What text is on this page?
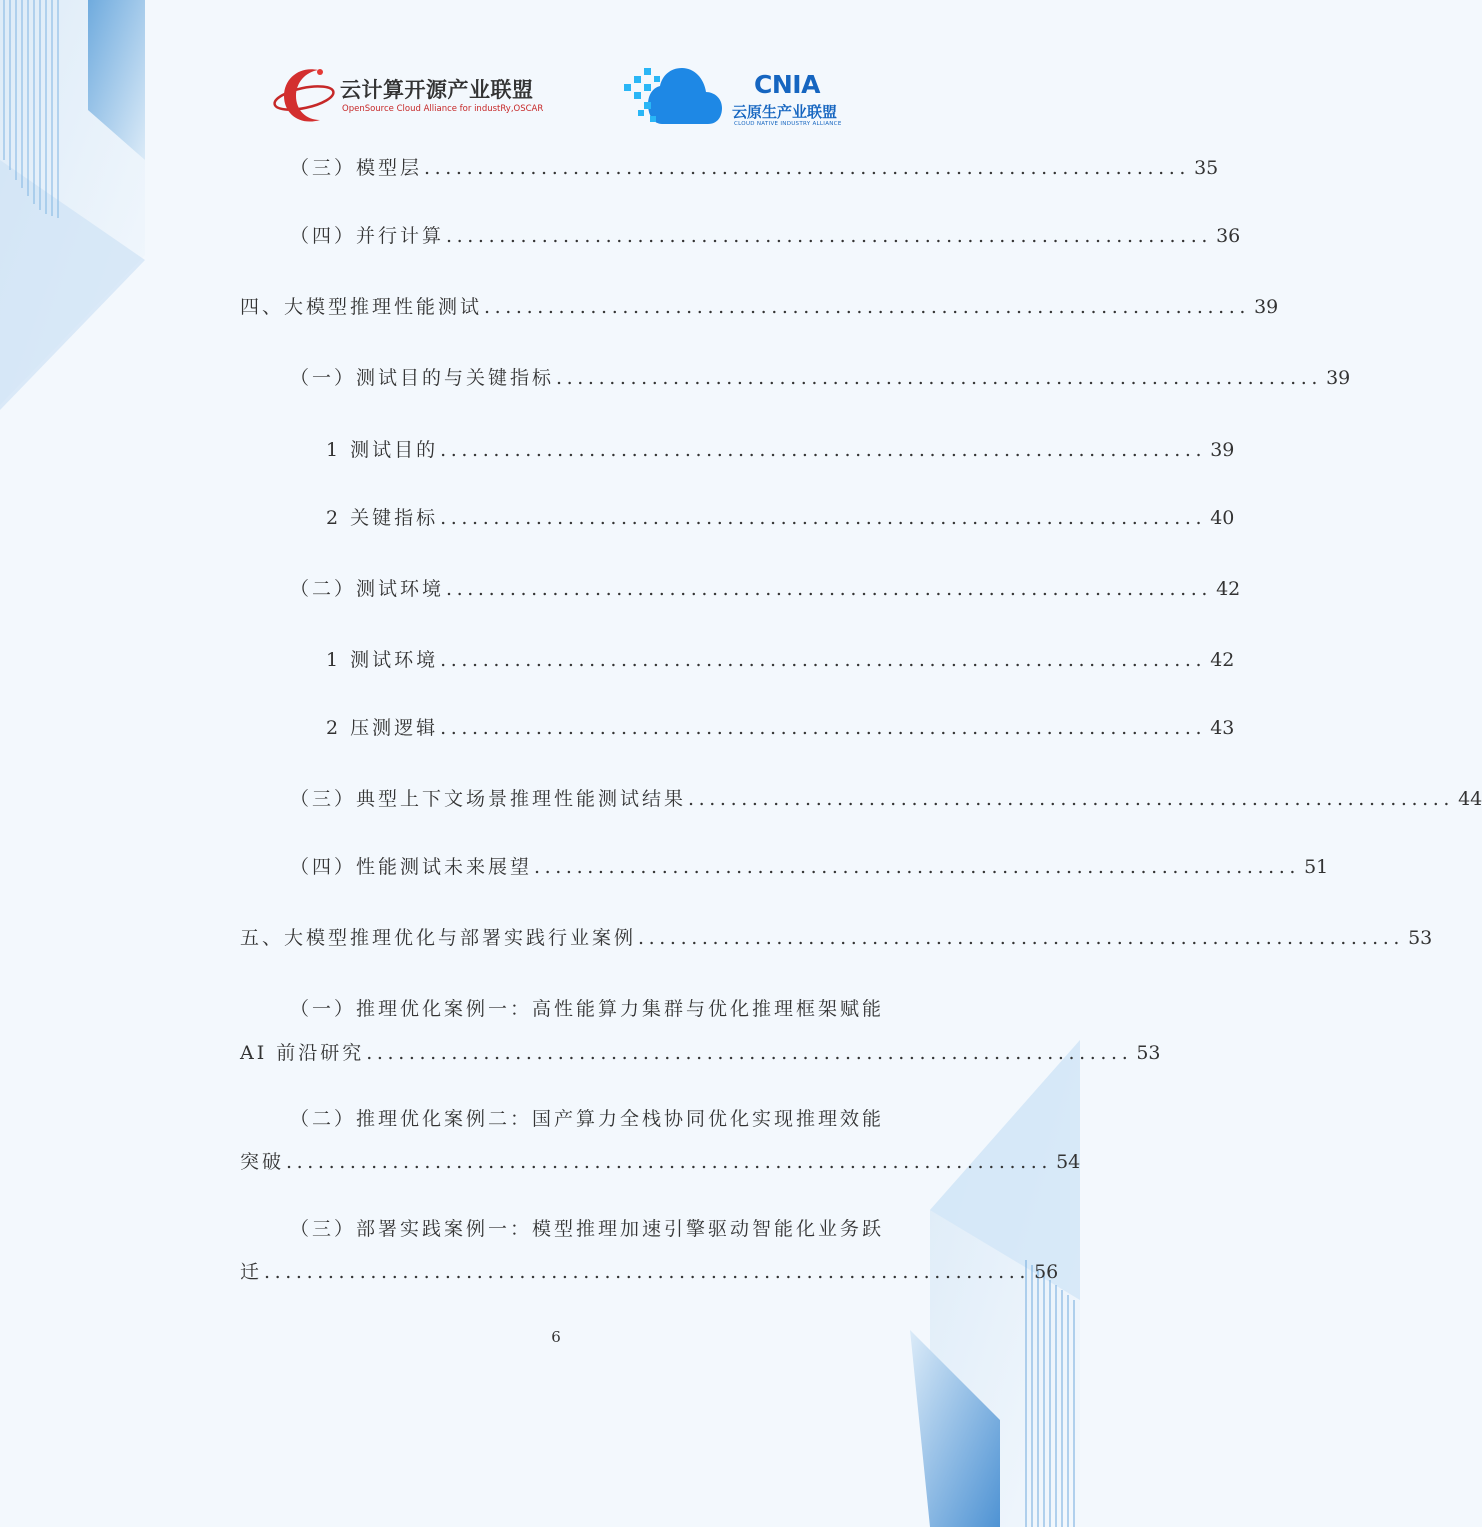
云计算开源产业联盟
OpenSource Cloud Alliance for industRy,OSCAR
CNIA
云原生产业联盟
CLOUD NATIVE INDUSTRY ALLIANCE
（三）模型层 ........................................................................ 35
（四）并行计算 ........................................................................ 36
四、大模型推理性能测试 ........................................................................ 39
（一）测试目的与关键指标 ........................................................................ 39
1 测试目的 ........................................................................ 39
2 关键指标 ........................................................................ 40
（二）测试环境 ........................................................................ 42
1 测试环境 ........................................................................ 42
2 压测逻辑 ........................................................................ 43
（三）典型上下文场景推理性能测试结果 ........................................................................ 44
（四）性能测试未来展望 ........................................................................ 51
五、大模型推理优化与部署实践行业案例 ........................................................................ 53
（一）推理优化案例一：高性能算力集群与优化推理框架赋能
AI 前沿研究 ........................................................................ 53
（二）推理优化案例二：国产算力全栈协同优化实现推理效能
突破 ........................................................................ 54
（三）部署实践案例一：模型推理加速引擎驱动智能化业务跃
迁 ........................................................................ 56
6
